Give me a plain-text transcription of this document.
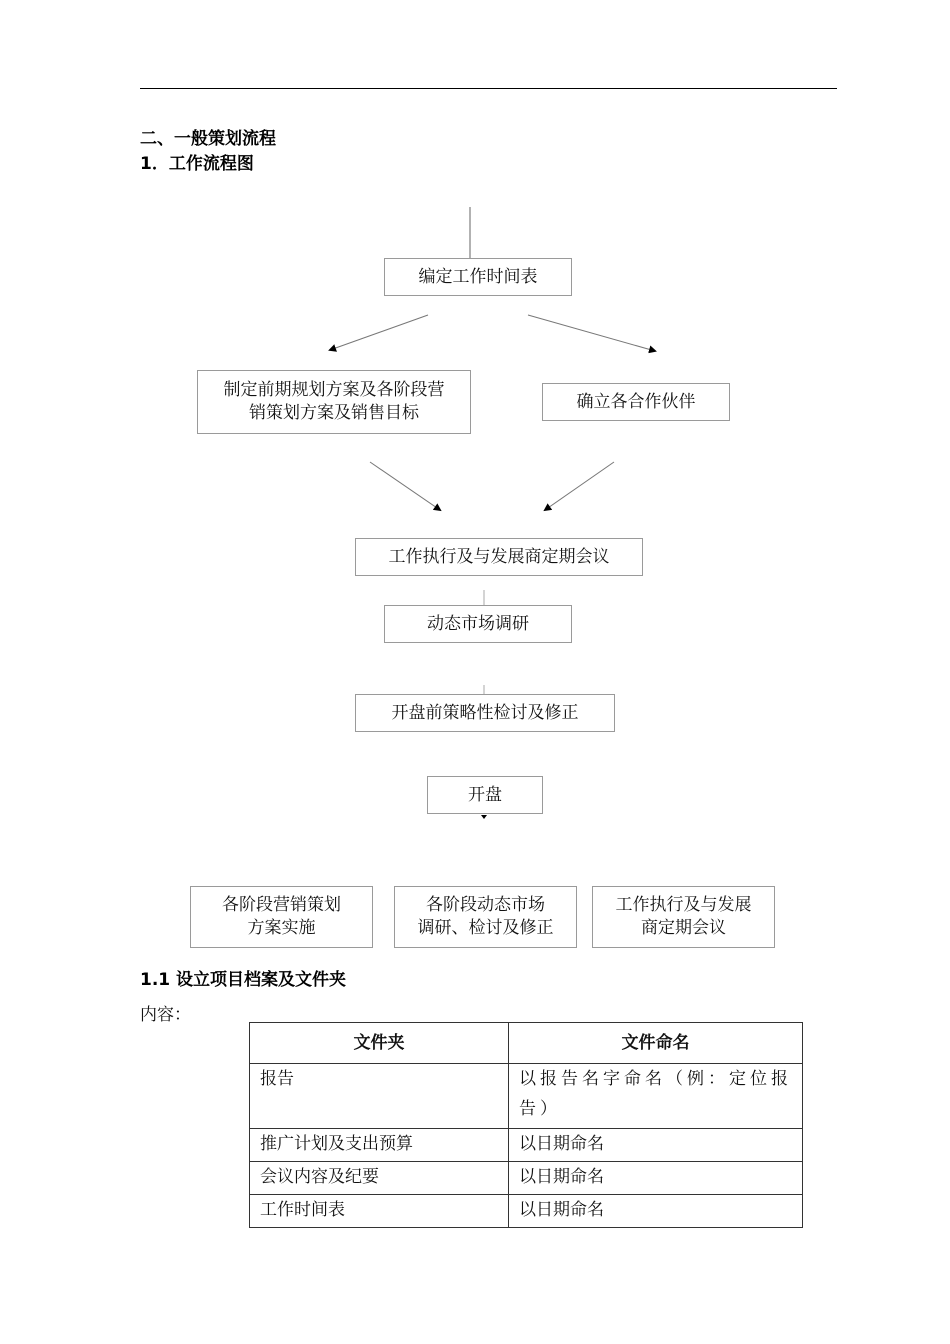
二、一般策划流程
1．工作流程图
编定工作时间表
制定前期规划方案及各阶段营
销策划方案及销售目标
确立各合作伙伴
工作执行及与发展商定期会议
动态市场调研
开盘前策略性检讨及修正
开盘
各阶段营销策划
方案实施
各阶段动态市场
调研、检讨及修正
工作执行及与发展
商定期会议
1.1 设立项目档案及文件夹
内容：
文件夹	文件命名
报告	以报告名字命名（例：定位报告）
推广计划及支出预算	以日期命名
会议内容及纪要	以日期命名
工作时间表	以日期命名
